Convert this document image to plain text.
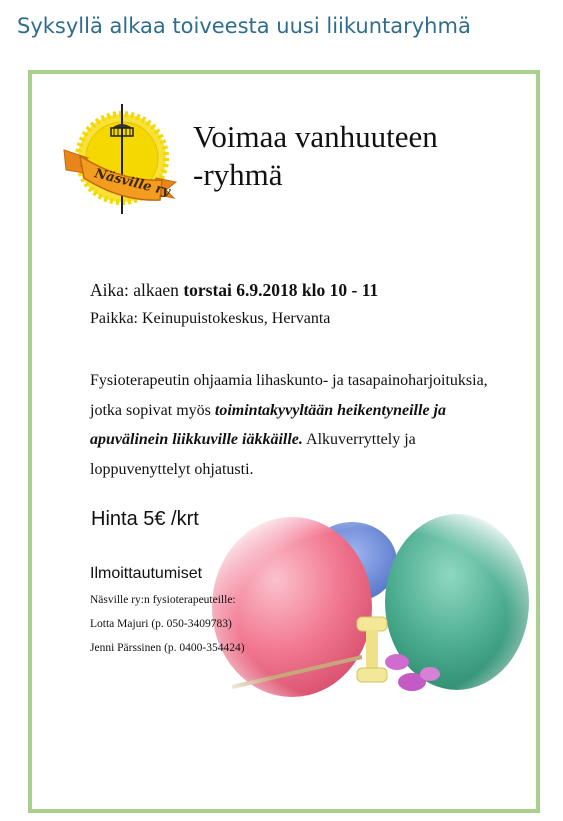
Syksyllä alkaa toiveesta uusi liikuntaryhmä
Näsville ry
Voimaa vanhuuteen
-ryhmä
Aika: alkaen torstai 6.9.2018 klo 10 - 11
Paikka: Keinupuistokeskus, Hervanta
Fysioterapeutin ohjaamia lihaskunto- ja tasapainoharjoituksia, jotka sopivat myös toimintakyvyltään heikentyneille ja apuvälinein liikkuville iäkkäille. Alkuverryttely ja loppuvenyttelyt ohjatusti.
Hinta 5€ /krt
Ilmoittautumiset
Näsville ry:n fysioterapeuteille:
Lotta Majuri (p. 050-3409783)
Jenni Pärssinen (p. 0400-354424)
